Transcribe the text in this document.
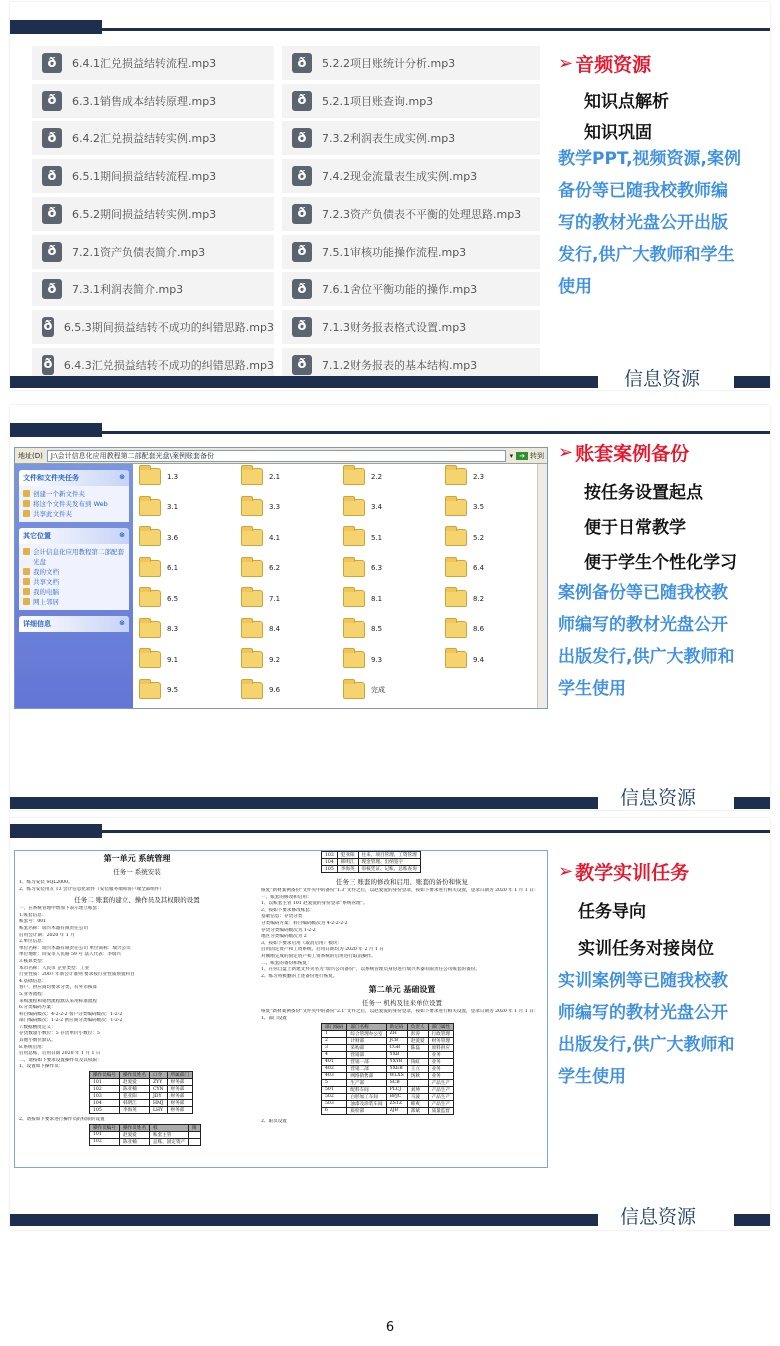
ð	6.4.1汇兑损益结转流程.mp3
ð	6.3.1销售成本结转原理.mp3
ð	6.4.2汇兑损益结转实例.mp3
ð	6.5.1期间损益结转流程.mp3
ð	6.5.2期间损益结转实例.mp3
ð	7.2.1资产负债表简介.mp3
ð	7.3.1利润表简介.mp3
ð 6.5.3期间损益结转不成功的纠错思路.mp3
ð 6.4.3汇兑损益结转不成功的纠错思路.mp3
ð	5.2.2项目账统计分析.mp3
ð	5.2.1项目账查询.mp3
ð	7.3.2利润表生成实例.mp3
ð	7.4.2现金流量表生成实例.mp3
ð	7.2.3资产负债表不平衡的处理思路.mp3
ð	7.5.1审核功能操作流程.mp3
ð	7.6.1舍位平衡功能的操作.mp3
ð	7.1.3财务报表格式设置.mp3
ð	7.1.2财务报表的基本结构.mp3
➢ 音频资源
知识点解析
知识巩固
教学PPT,视频资源,案例
备份等已随我校教师编
写的教材光盘公开出版
发行,供广大教师和学生
使用
信息资源
地址(D) J:\会计信息化应用教程第二部配套光盘\案例账套备份	▾ ➔ 转到
文件和文件夹任务	⊗
创建一个新文件夹
将这个文件夹发布到 Web
共享此文件夹
其它位置	⊗
会计信息化应用教程第二部配套光盘
我的文档
共享文档
我的电脑
网上邻居
详细信息	⊗
1.3	2.1	2.2	2.3
3.1	3.3	3.4	3.5
3.6	4.1	5.1	5.2
6.1	6.2	6.3	6.4
6.5	7.1	8.1	8.2
8.3	8.4	8.5	8.6
9.1	9.2	9.3	9.4
9.5	9.6	完成
➢ 账套案例备份
按任务设置起点
便于日常教学
便于学生个性化学习
案例备份等已随我校教
师编写的教材光盘公开
出版发行,供广大教师和
学生使用
信息资源
第一单元 系统管理
任务一 系统安装
1、练习安装 SQL2000。
2、练习安装用友 T3 会计信息化软件（安装服务端和客户端全部组件）
任务二 账套的建立、操作员及其权限的设置
一、在系统管理中增加下表示建立账套：
1.账套信息：
账套号：001
账套名称：瑞兴木器有限责任公司
启用会计期：2020 年 1 月
2.单位信息：
单位名称：瑞兴木器有限责任公司 单位简称：瑞兴公司
单位地址：同安市人民路 59 号 法人代表：李瑞兴
3.核算类型：
本币名称：人民币 企业类型：工业
行业性质：2007 年新会计准则 要求按行业性质预置科目
4.基础信息：
客户、供应商均要求分类，有外币核算
5.业务流程：
采购流程和销售流程默认采用标准流程
6.分类编码方案：
科目编码级次：4-2-2-2 客户分类编码级次：1-2-2
部门编码级次：1-2-2 供应商分类编码级次：1-2-2
7.数据精度定义：
存货数量小数位：5 存货单价小数位：5
其他小数位默认。
8.系统启用：
启用总账，启用日期 2020 年 1 月 1 日
二、请按如下要求设置操作员及其权限：
1、设置如下操作员：
操作员编号	操作员姓名	口令	所属部门
101	赵爱爱	ZYY	财务部
102	陈亚楠	CYN	财务部
103	犯亚阳	JDY	财务部
104	韩明江	HMJ	财务部
105	李海英	LHY	财务部
2、请按如下要求进行操作员的权限的设置
操作员编号	操作员姓名	权	限
101	赵爱爱	账套主管	
102	陈亚楠	总账、固定资产	
103	犯亚阳	往来、项目管理、工资管理
104	韩明江	现金管理、出纳签字
105	李海英	审核凭证、记账、总账查询
任务三 账套的修改和启用、账套的备份和恢复
恢复“新材案例备份”文件夹中的备份“1.3”文件之后，以赵爱爱的身份登录，按如下要求进行相关设置，登录日期为 2020 年 1 月 1 日：
一、账套的修改和启用：
1、以账套主管 101 赵爱爱的身份登录“系统管理”。
2、按如下要求修改账套：
基础信息：存货分类
分类编码方案：科目编码级次为 4-2-2-2-2
存货分类编码级次为 1-2-2
地区分类编码级次为 2
3、按如下要求启用（取消启用）模块：
启用固定资产和工资系统，启用日期均为 2020 年 2 月 1 日
对刚刚完成的固定资产和工资系统的启用进行取消操作。
二、账套的备份和恢复：
1、在你自盘上新建文件夹名为“瑞兴公司备份”，以系统管理员身份进行瑞兴木器有限责任公司账套的备份。
2、练习将被删的上述备份进行恢复。
第二单元 基础设置
任务一 机构及往来单位设置
恢复“新材案例备份”文件夹中的备份“2.1”文件之后，以赵爱爱的身份登录，按如下要求进行相关设置，登录日期为 2020 年 1 月 1 日：
1、部门设置
部门编码	部门名称	助记码	负责人	部门属性
1	综合管理办公室	ZH	彭涛	行政管理
2	计财部	JCB	赵爱爱	财务管理
3	采购部	CGB	陈磊	原料供应
4	营销部	YXB		业务
401	营销一部	YXYB	钱虹	业务
402	营销二部	YXEB	王立	业务
403	网络销售部	WLXS	汤秋	业务
5	生产部	SCB		产品生产
501	配料车间	PLCJ	刘坤	产品生产
502	白胚加工车间	BPJC	马波	产品生产
503	油漆及涂装车间	ZSTZ	韩爽	产品生产
6	质检部	ZJB	郑斌	质量监督
2、职员设置
➢ 教学实训任务
任务导向
实训任务对接岗位
实训案例等已随我校教
师编写的教材光盘公开
出版发行,供广大教师和
学生使用
信息资源
6
